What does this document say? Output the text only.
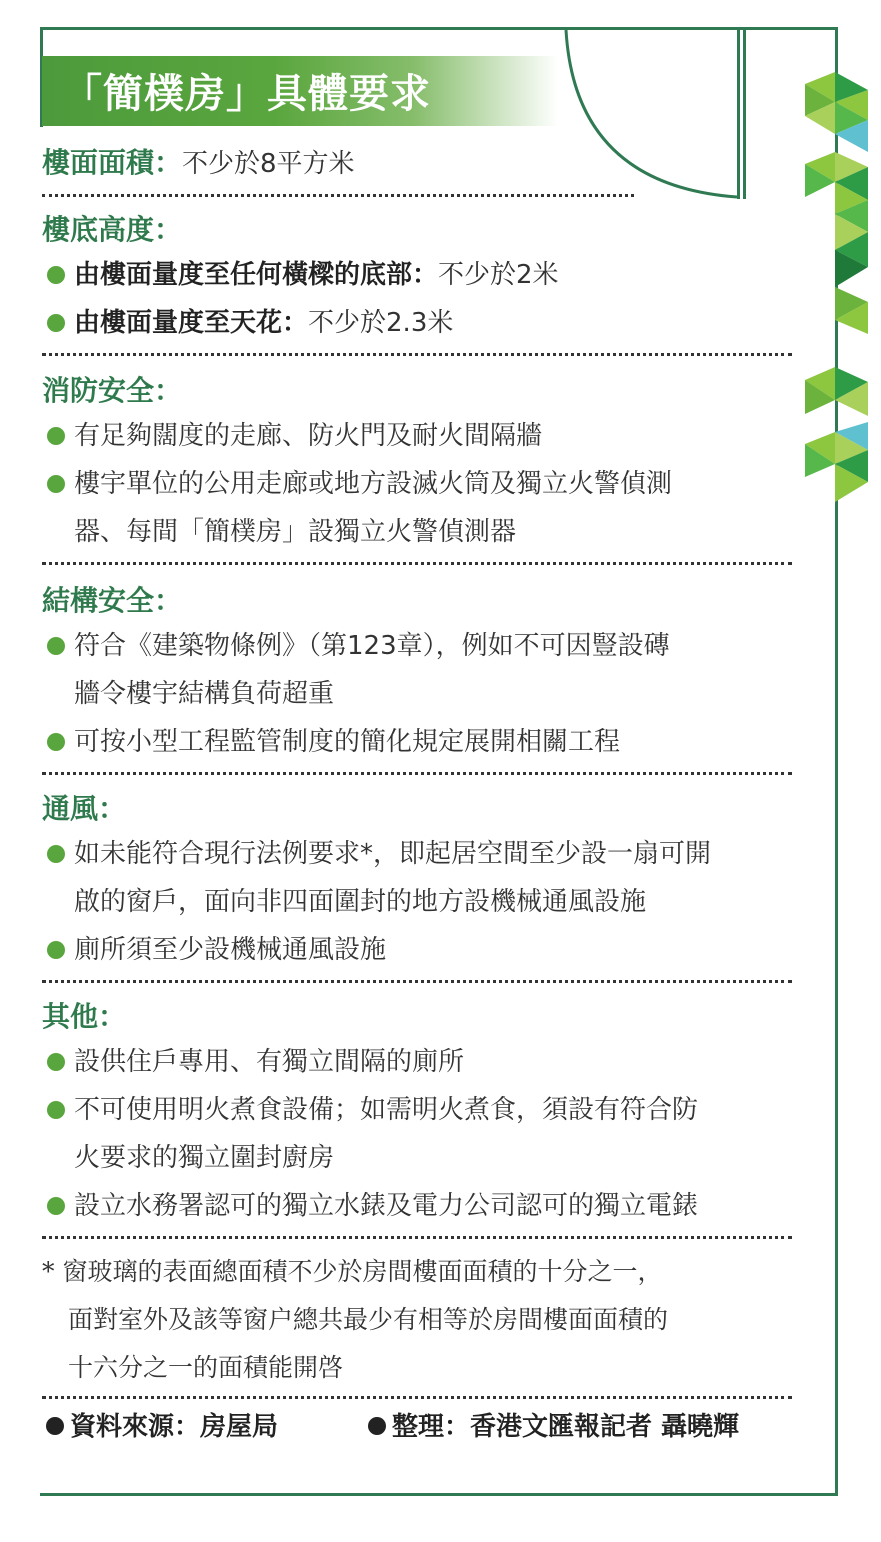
「簡樸房」具體要求
樓面面積：不少於8平方米
樓底高度：
由樓面量度至任何橫樑的底部：不少於2米
由樓面量度至天花：不少於2.3米
消防安全：
有足夠闊度的走廊、防火門及耐火間隔牆
樓宇單位的公用走廊或地方設滅火筒及獨立火警偵測
器、每間「簡樸房」設獨立火警偵測器
結構安全：
符合《建築物條例》（第123章），例如不可因豎設磚
牆令樓宇結構負荷超重
可按小型工程監管制度的簡化規定展開相關工程
通風：
如未能符合現行法例要求*，即起居空間至少設一扇可開
啟的窗戶，面向非四面圍封的地方設機械通風設施
廁所須至少設機械通風設施
其他：
設供住戶專用、有獨立間隔的廁所
不可使用明火煮食設備；如需明火煮食，須設有符合防
火要求的獨立圍封廚房
設立水務署認可的獨立水錶及電力公司認可的獨立電錶
* 窗玻璃的表面總面積不少於房間樓面面積的十分之一，
面對室外及該等窗户總共最少有相等於房間樓面面積的
十六分之一的面積能開啓
資料來源：房屋局	整理：香港文匯報記者 聶曉輝
